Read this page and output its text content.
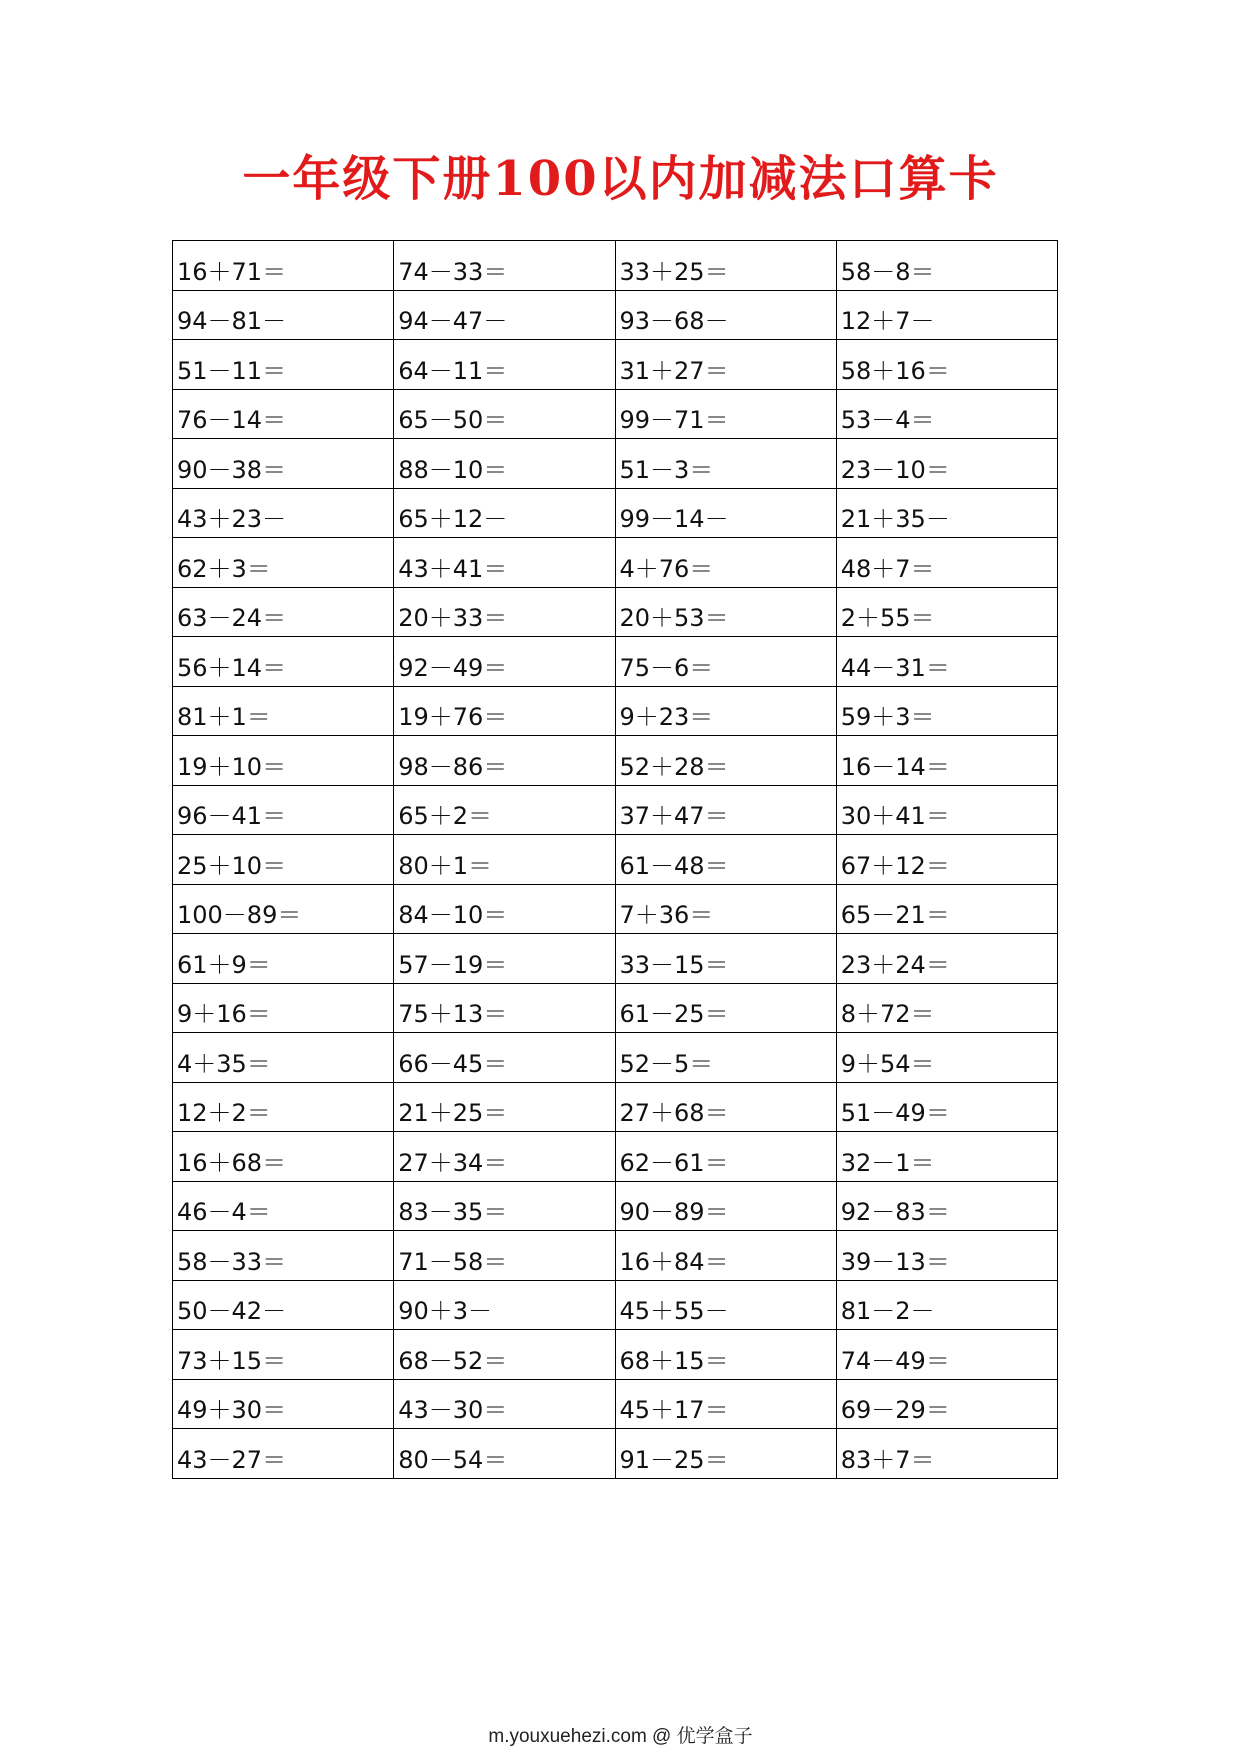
一年级下册100以内加减法口算卡
16＋71＝	74－33＝	33＋25＝	58－8＝
94－81－	94－47－	93－68－	12＋7－
51－11＝	64－11＝	31＋27＝	58＋16＝
76－14＝	65－50＝	99－71＝	53－4＝
90－38＝	88－10＝	51－3＝	23－10＝
43＋23－	65＋12－	99－14－	21＋35－
62＋3＝	43＋41＝	4＋76＝	48＋7＝
63－24＝	20＋33＝	20＋53＝	2＋55＝
56＋14＝	92－49＝	75－6＝	44－31＝
81＋1＝	19＋76＝	9＋23＝	59＋3＝
19＋10＝	98－86＝	52＋28＝	16－14＝
96－41＝	65＋2＝	37＋47＝	30＋41＝
25＋10＝	80＋1＝	61－48＝	67＋12＝
100－89＝	84－10＝	7＋36＝	65－21＝
61＋9＝	57－19＝	33－15＝	23＋24＝
9＋16＝	75＋13＝	61－25＝	8＋72＝
4＋35＝	66－45＝	52－5＝	9＋54＝
12＋2＝	21＋25＝	27＋68＝	51－49＝
16＋68＝	27＋34＝	62－61＝	32－1＝
46－4＝	83－35＝	90－89＝	92－83＝
58－33＝	71－58＝	16＋84＝	39－13＝
50－42－	90＋3－	45＋55－	81－2－
73＋15＝	68－52＝	68＋15＝	74－49＝
49＋30＝	43－30＝	45＋17＝	69－29＝
43－27＝	80－54＝	91－25＝	83＋7＝
m.youxuehezi.com @ 优学盒子
